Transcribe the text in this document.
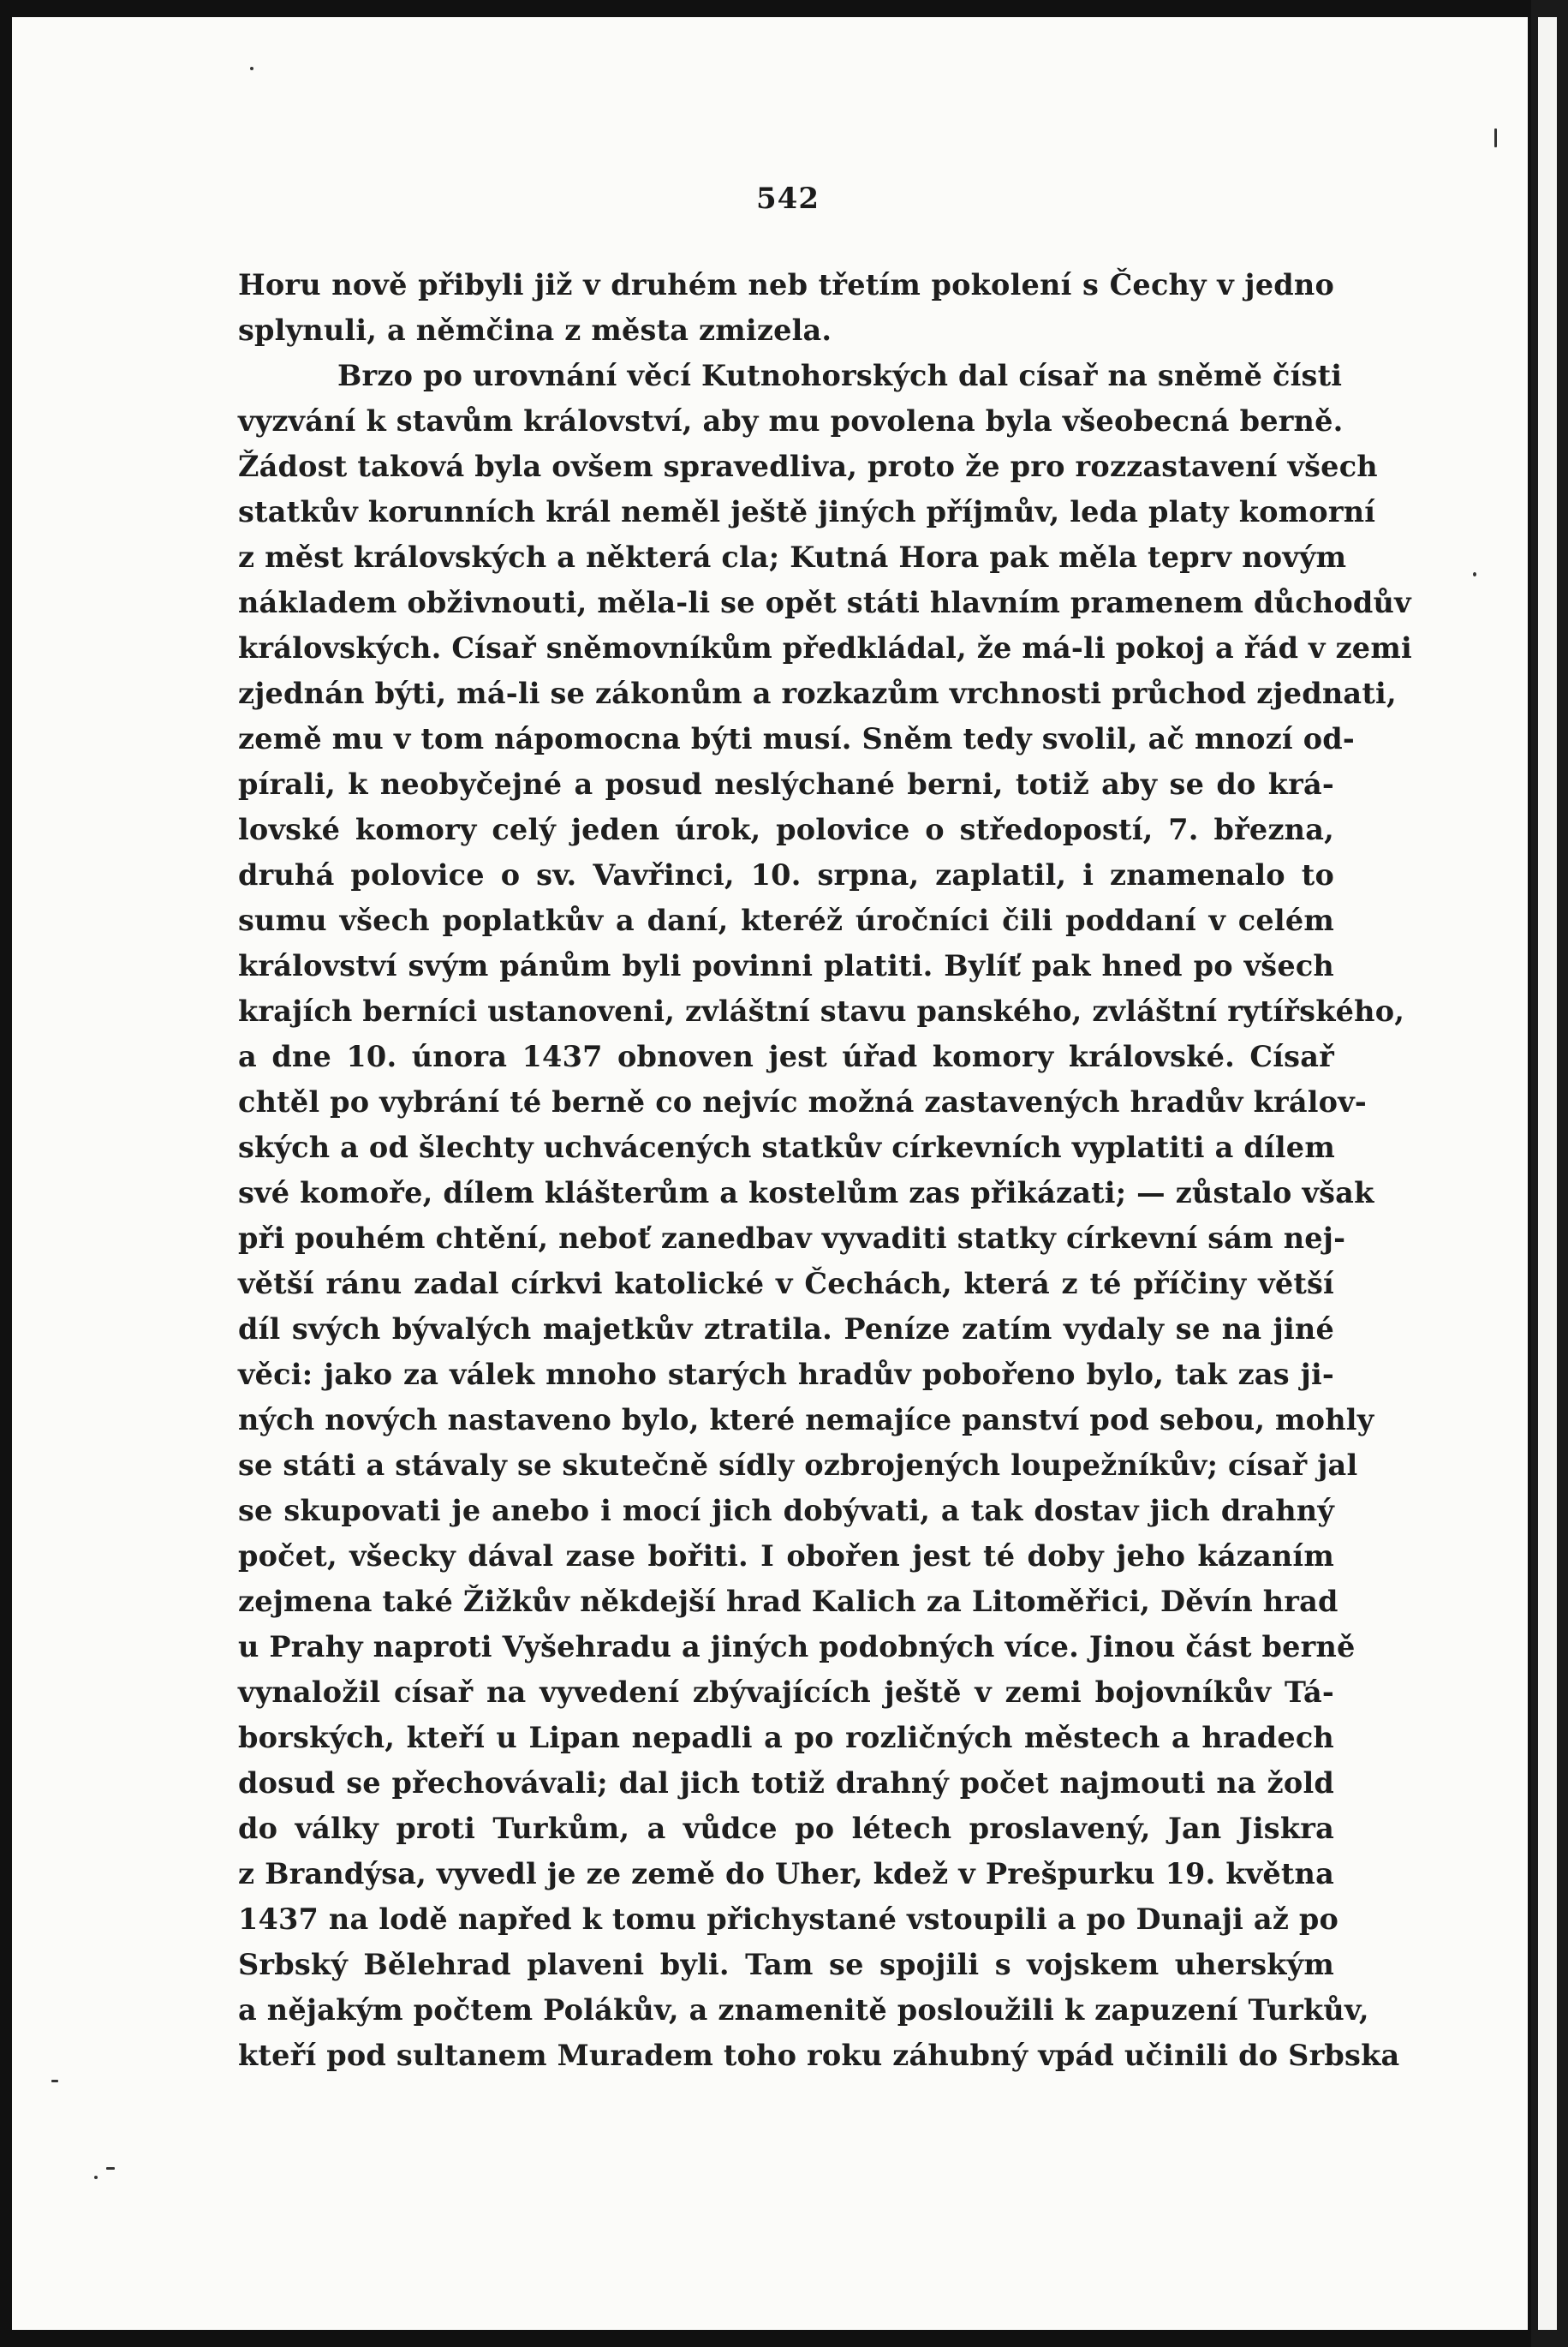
542
Horu nově přibyli již v druhém neb třetím pokolení s Čechy v jedno
splynuli, a němčina z města zmizela.
Brzo po urovnání věcí Kutnohorských dal císař na sněmě čísti
vyzvání k stavům království, aby mu povolena byla všeobecná berně.
Žádost taková byla ovšem spravedliva, proto že pro rozzastavení všech
statkův korunních král neměl ještě jiných příjmův, leda platy komorní
z měst královských a některá cla; Kutná Hora pak měla teprv novým
nákladem obživnouti, měla-li se opět státi hlavním pramenem důchodův
královských. Císař sněmovníkům předkládal, že má-li pokoj a řád v zemi
zjednán býti, má-li se zákonům a rozkazům vrchnosti průchod zjednati,
země mu v tom nápomocna býti musí. Sněm tedy svolil, ač mnozí od-
pírali, k neobyčejné a posud neslýchané berni, totiž aby se do krá-
lovské komory celý jeden úrok, polovice o středopostí, 7. března,
druhá polovice o sv. Vavřinci, 10. srpna, zaplatil, i znamenalo to
sumu všech poplatkův a daní, kteréž úročníci čili poddaní v celém
království svým pánům byli povinni platiti. Bylíť pak hned po všech
krajích berníci ustanoveni, zvláštní stavu panského, zvláštní rytířského,
a dne 10. února 1437 obnoven jest úřad komory královské. Císař
chtěl po vybrání té berně co nejvíc možná zastavených hradův králov-
ských a od šlechty uchvácených statkův církevních vyplatiti a dílem
své komoře, dílem klášterům a kostelům zas přikázati; — zůstalo však
při pouhém chtění, neboť zanedbav vyvaditi statky církevní sám nej-
větší ránu zadal církvi katolické v Čechách, která z té příčiny větší
díl svých bývalých majetkův ztratila. Peníze zatím vydaly se na jiné
věci: jako za válek mnoho starých hradův pobořeno bylo, tak zas ji-
ných nových nastaveno bylo, které nemajíce panství pod sebou, mohly
se státi a stávaly se skutečně sídly ozbrojených loupežníkův; císař jal
se skupovati je anebo i mocí jich dobývati, a tak dostav jich drahný
počet, všecky dával zase bořiti. I obořen jest té doby jeho kázaním
zejmena také Žižkův někdejší hrad Kalich za Litoměřici, Děvín hrad
u Prahy naproti Vyšehradu a jiných podobných více. Jinou část berně
vynaložil císař na vyvedení zbývajících ještě v zemi bojovníkův Tá-
borských, kteří u Lipan nepadli a po rozličných městech a hradech
dosud se přechovávali; dal jich totiž drahný počet najmouti na žold
do války proti Turkům, a vůdce po létech proslavený, Jan Jiskra
z Brandýsa, vyvedl je ze země do Uher, kdež v Prešpurku 19. května
1437 na lodě napřed k tomu přichystané vstoupili a po Dunaji až po
Srbský Bělehrad plaveni byli. Tam se spojili s vojskem uherským
a nějakým počtem Polákův, a znamenitě posloužili k zapuzení Turkův,
kteří pod sultanem Muradem toho roku záhubný vpád učinili do Srbska
